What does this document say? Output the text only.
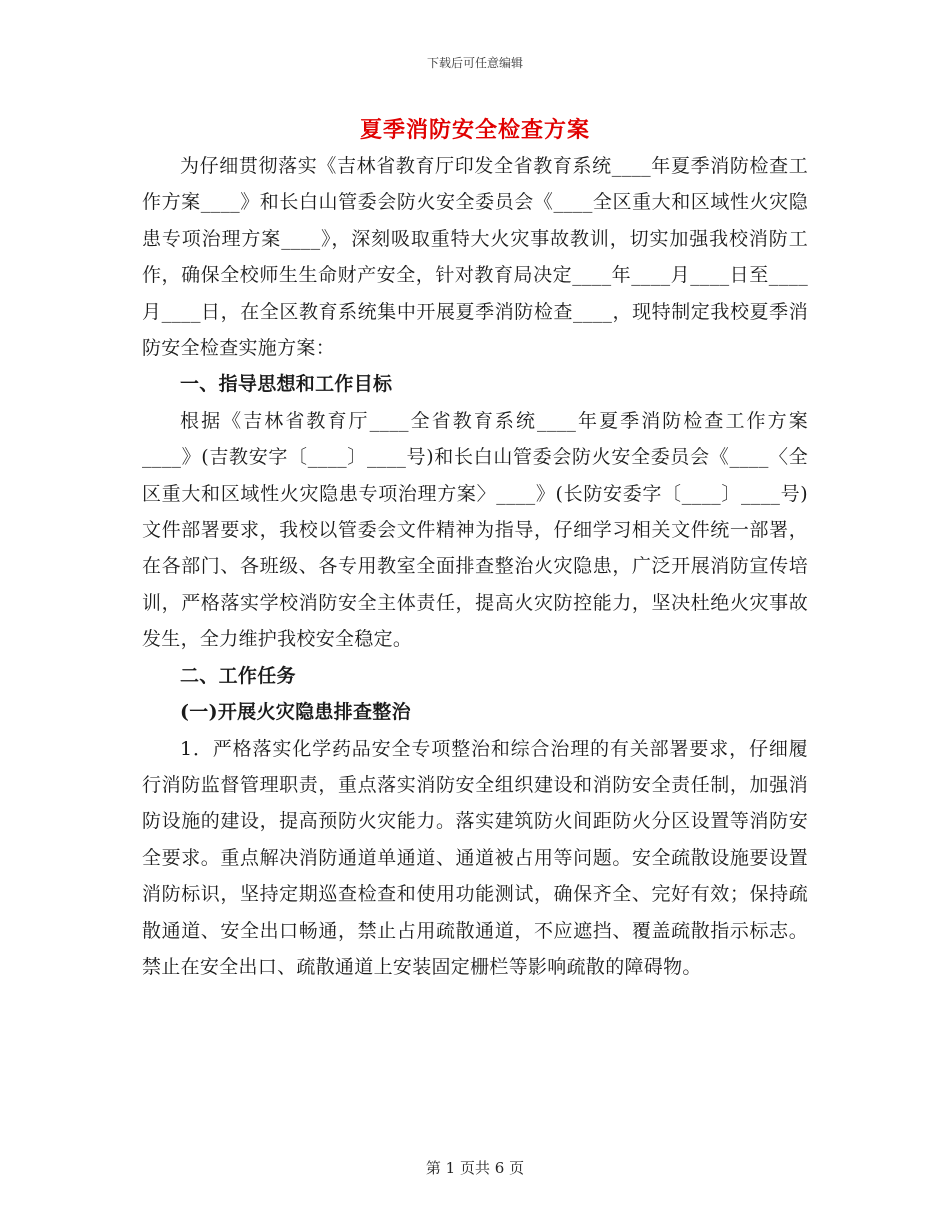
下载后可任意编辑
夏季消防安全检查方案

为仔细贯彻落实《吉林省教育厅印发全省教育系统____年夏季消防检查工作方案____》和长白山管委会防火安全委员会《____全区重大和区域性火灾隐患专项治理方案____》，深刻吸取重特大火灾事故教训，切实加强我校消防工作，确保全校师生生命财产安全，针对教育局决定____年____月____日至____月____日，在全区教育系统集中开展夏季消防检查____，现特制定我校夏季消防安全检查实施方案：

一、指导思想和工作目标

根据《吉林省教育厅____全省教育系统____年夏季消防检查工作方案____》(吉教安字〔____〕____号)和长白山管委会防火安全委员会《____〈全区重大和区域性火灾隐患专项治理方案〉____》(长防安委字〔____〕____号)文件部署要求，我校以管委会文件精神为指导，仔细学习相关文件统一部署，在各部门、各班级、各专用教室全面排查整治火灾隐患，广泛开展消防宣传培训，严格落实学校消防安全主体责任，提高火灾防控能力，坚决杜绝火灾事故发生，全力维护我校安全稳定。

二、工作任务

(一)开展火灾隐患排查整治

1．严格落实化学药品安全专项整治和综合治理的有关部署要求，仔细履行消防监督管理职责，重点落实消防安全组织建设和消防安全责任制，加强消防设施的建设，提高预防火灾能力。落实建筑防火间距防火分区设置等消防安全要求。重点解决消防通道单通道、通道被占用等问题。安全疏散设施要设置消防标识，坚持定期巡查检查和使用功能测试，确保齐全、完好有效；保持疏散通道、安全出口畅通，禁止占用疏散通道，不应遮挡、覆盖疏散指示标志。禁止在安全出口、疏散通道上安装固定栅栏等影响疏散的障碍物。

第 1 页共 6 页
